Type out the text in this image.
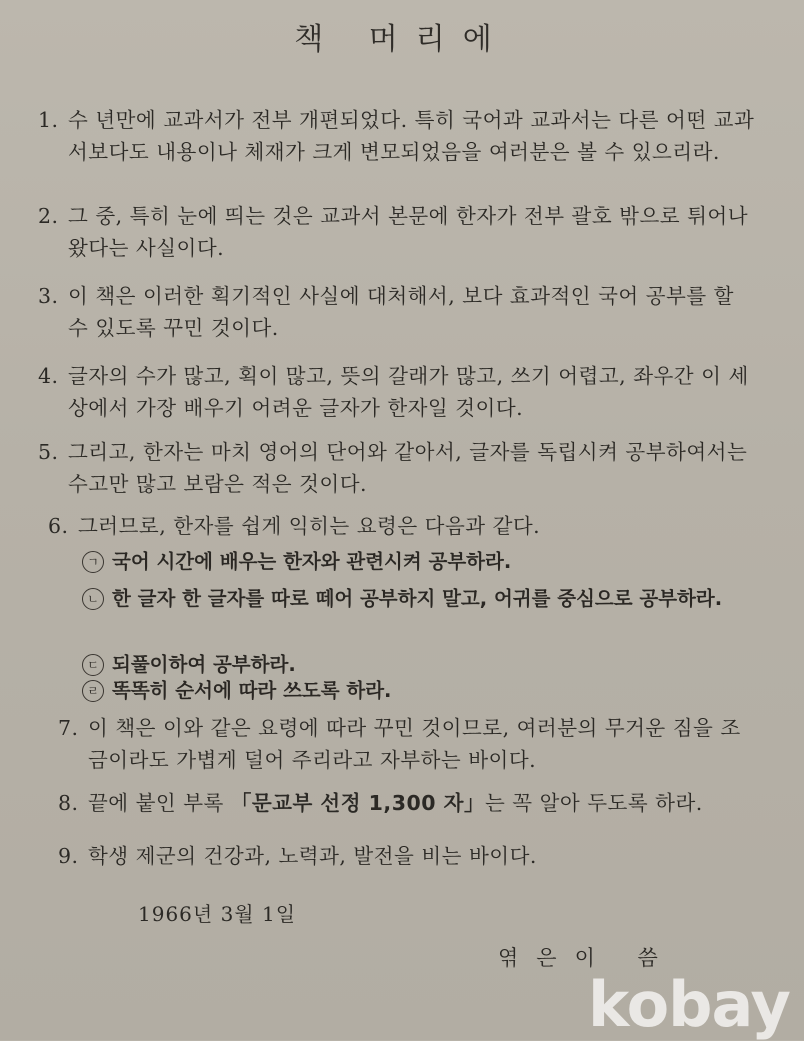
책 머리에
1. 수 년만에 교과서가 전부 개편되었다. 특히 국어과 교과서는 다른 어떤 교과서보다도 내용이나 체재가 크게 변모되었음을 여러분은 볼 수 있으리라.
2. 그 중, 특히 눈에 띄는 것은 교과서 본문에 한자가 전부 괄호 밖으로 튀어나왔다는 사실이다.
3. 이 책은 이러한 획기적인 사실에 대처해서, 보다 효과적인 국어 공부를 할 수 있도록 꾸민 것이다.
4. 글자의 수가 많고, 획이 많고, 뜻의 갈래가 많고, 쓰기 어렵고, 좌우간 이 세상에서 가장 배우기 어려운 글자가 한자일 것이다.
5. 그리고, 한자는 마치 영어의 단어와 같아서, 글자를 독립시켜 공부하여서는 수고만 많고 보람은 적은 것이다.
6. 그러므로, 한자를 쉽게 익히는 요령은 다음과 같다.
ㄱ 국어 시간에 배우는 한자와 관련시켜 공부하라.
ㄴ 한 글자 한 글자를 따로 떼어 공부하지 말고, 어귀를 중심으로 공부하라.
ㄷ 되풀이하여 공부하라.
ㄹ 똑똑히 순서에 따라 쓰도록 하라.
7. 이 책은 이와 같은 요령에 따라 꾸민 것이므로, 여러분의 무거운 짐을 조금이라도 가볍게 덜어 주리라고 자부하는 바이다.
8. 끝에 붙인 부록 「문교부 선정 1,300 자」는 꼭 알아 두도록 하라.
9. 학생 제군의 건강과, 노력과, 발전을 비는 바이다.
1966년 3월 1일
엮은이 씀
kobay
